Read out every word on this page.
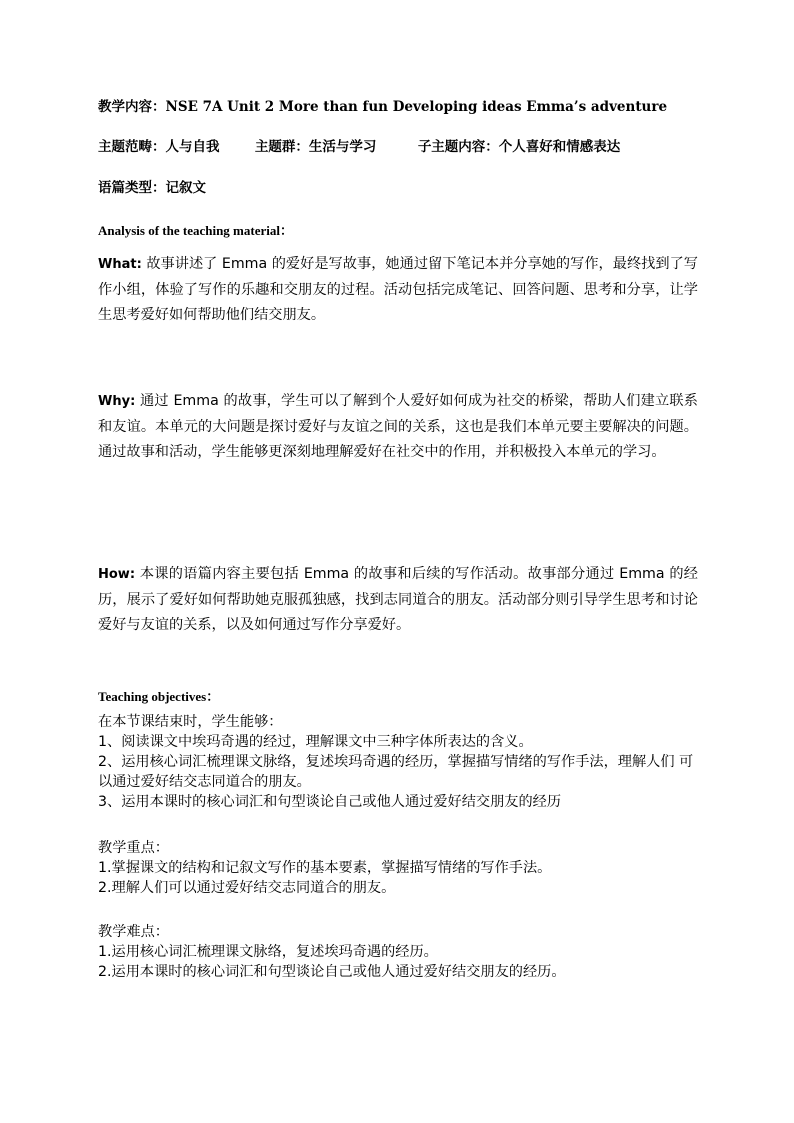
教学内容：NSE 7A Unit 2 More than fun Developing ideas Emma’s adventure
主题范畴：人与自我	主题群：生活与学习	子主题内容：个人喜好和情感表达
语篇类型：记叙文
Analysis of the teaching material：
What: 故事讲述了 Emma 的爱好是写故事，她通过留下笔记本并分享她的写作，最终找到了写作小组，体验了写作的乐趣和交朋友的过程。活动包括完成笔记、回答问题、思考和分享，让学生思考爱好如何帮助他们结交朋友。
Why: 通过 Emma 的故事，学生可以了解到个人爱好如何成为社交的桥梁，帮助人们建立联系和友谊。本单元的大问题是探讨爱好与友谊之间的关系，这也是我们本单元要主要解决的问题。通过故事和活动，学生能够更深刻地理解爱好在社交中的作用，并积极投入本单元的学习。
How: 本课的语篇内容主要包括 Emma 的故事和后续的写作活动。故事部分通过 Emma 的经历，展示了爱好如何帮助她克服孤独感，找到志同道合的朋友。活动部分则引导学生思考和讨论爱好与友谊的关系，以及如何通过写作分享爱好。
Teaching objectives：
在本节课结束时，学生能够：
1、阅读课文中埃玛奇遇的经过，理解课文中三种字体所表达的含义。
2、运用核心词汇梳理课文脉络，复述埃玛奇遇的经历，掌握描写情绪的写作手法，理解人们 可以通过爱好结交志同道合的朋友。
3、运用本课时的核心词汇和句型谈论自己或他人通过爱好结交朋友的经历
教学重点：
1.掌握课文的结构和记叙文写作的基本要素，掌握描写情绪的写作手法。
2.理解人们可以通过爱好结交志同道合的朋友。
教学难点：
1.运用核心词汇梳理课文脉络，复述埃玛奇遇的经历。
2.运用本课时的核心词汇和句型谈论自己或他人通过爱好结交朋友的经历。
